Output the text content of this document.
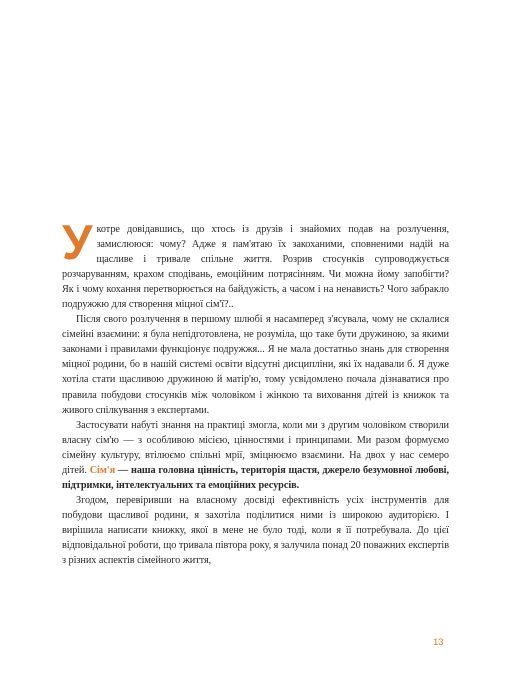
Укотре довідавшись, що хтось із друзів і знайомих подав на розлучення, замислююся: чому? Адже я пам'ятаю їх закоханими, сповненими надій на щасливе і тривале спільне життя. Розрив стосунків супроводжується розчаруванням, крахом сподівань, емоційним потрясінням. Чи можна йому запобігти? Як і чому кохання перетворюється на байдужість, а часом і на ненависть? Чого забракло подружжю для створення міцної сім'ї?..

Після свого розлучення в першому шлюбі я насамперед з'ясувала, чому не склалися сімейні взаємини: я була непідготовлена, не розуміла, що таке бути дружиною, за якими законами і правилами функціонує подружжя... Я не мала достатньо знань для створення міцної родини, бо в нашій системі освіти відсутні дисципліни, які їх надавали б. Я дуже хотіла стати щасливою дружиною й матір'ю, тому усвідомлено почала дізнаватися про правила побудови стосунків між чоловіком і жінкою та виховання дітей із книжок та живого спілкування з експертами.

Застосувати набуті знання на практиці змогла, коли ми з другим чоловіком створили власну сім'ю — з особливою місією, цінностями і принципами. Ми разом формуємо сімейну культуру, втілюємо спільні мрії, зміцнюємо взаємини. На двох у нас семеро дітей. Сім'я — наша головна цінність, територія щастя, джерело безумовної любові, підтримки, інтелектуальних та емоційних ресурсів.

Згодом, перевіривши на власному досвіді ефективність усіх інструментів для побудови щасливої родини, я захотіла поділитися ними із широкою аудиторією. І вирішила написати книжку, якої в мене не було тоді, коли я її потребувала. До цієї відповідальної роботи, що тривала півтора року, я залучила понад 20 поважних експертів з різних аспектів сімейного життя,

13
